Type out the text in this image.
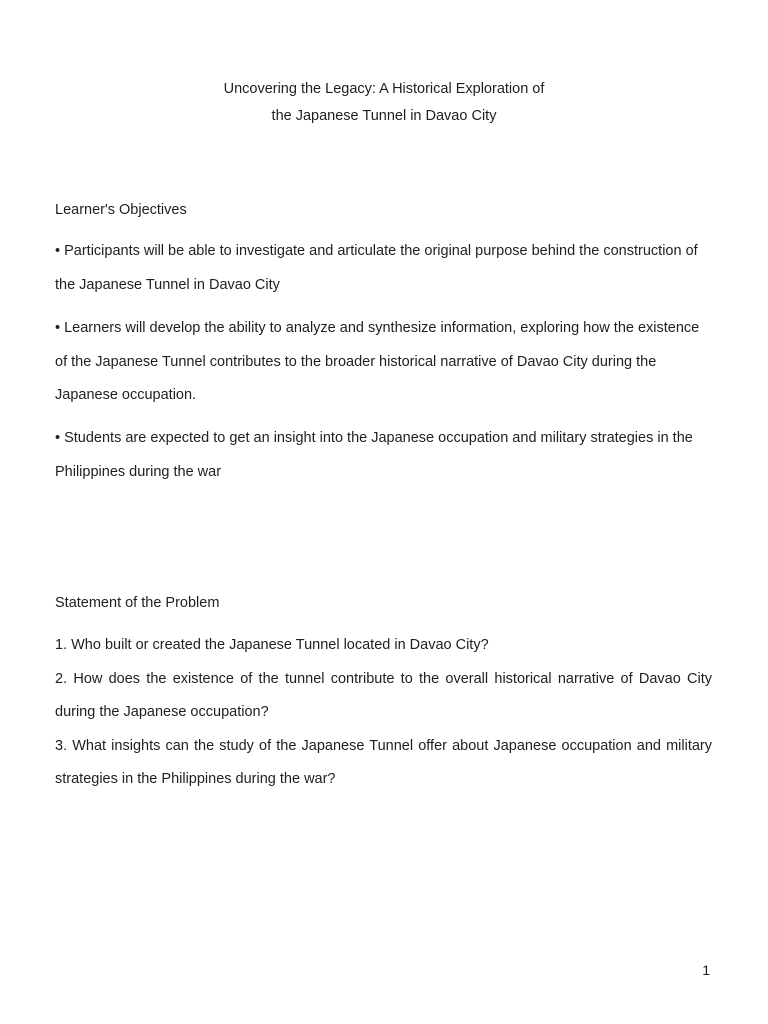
Uncovering the Legacy: A Historical Exploration of
the Japanese Tunnel in Davao City
Learner's Objectives

• Participants will be able to investigate and articulate the original purpose behind the construction of the Japanese Tunnel in Davao City

• Learners will develop the ability to analyze and synthesize information, exploring how the existence of the Japanese Tunnel contributes to the broader historical narrative of Davao City during the Japanese occupation.

• Students are expected to get an insight into the Japanese occupation and military strategies in the Philippines during the war

Statement of the Problem

1. Who built or created the Japanese Tunnel located in Davao City?

2. How does the existence of the tunnel contribute to the overall historical narrative of Davao City during the Japanese occupation?

3. What insights can the study of the Japanese Tunnel offer about Japanese occupation and military strategies in the Philippines during the war?

1
